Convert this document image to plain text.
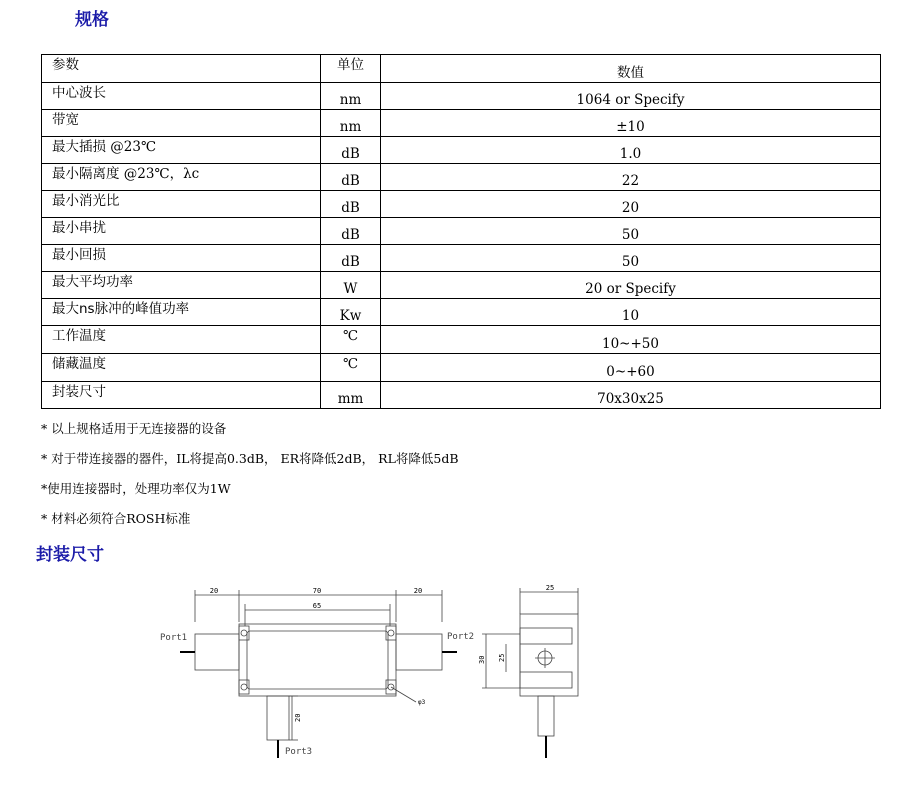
规格
参数	单位	数值
中心波长	nm	1064 or Specify
带宽	nm	±10
最大插损 @23℃	dB	1.0
最小隔离度 @23℃，λc	dB	22
最小消光比	dB	20
最小串扰	dB	50
最小回损	dB	50
最大平均功率	W	20 or Specify
最大ns脉冲的峰值功率	Kw	10
工作温度	℃	10~+50
储藏温度	℃	0~+60
封装尺寸	mm	70x30x25
* 以上规格适用于无连接器的设备
* 对于带连接器的器件，IL将提高0.3dB， ER将降低2dB， RL将降低5dB
*使用连接器时，处理功率仅为1W
* 材料必须符合ROSH标准
封装尺寸
20	70
65
20
20
φ3
25
30 25
Port1	Port2
Port3
